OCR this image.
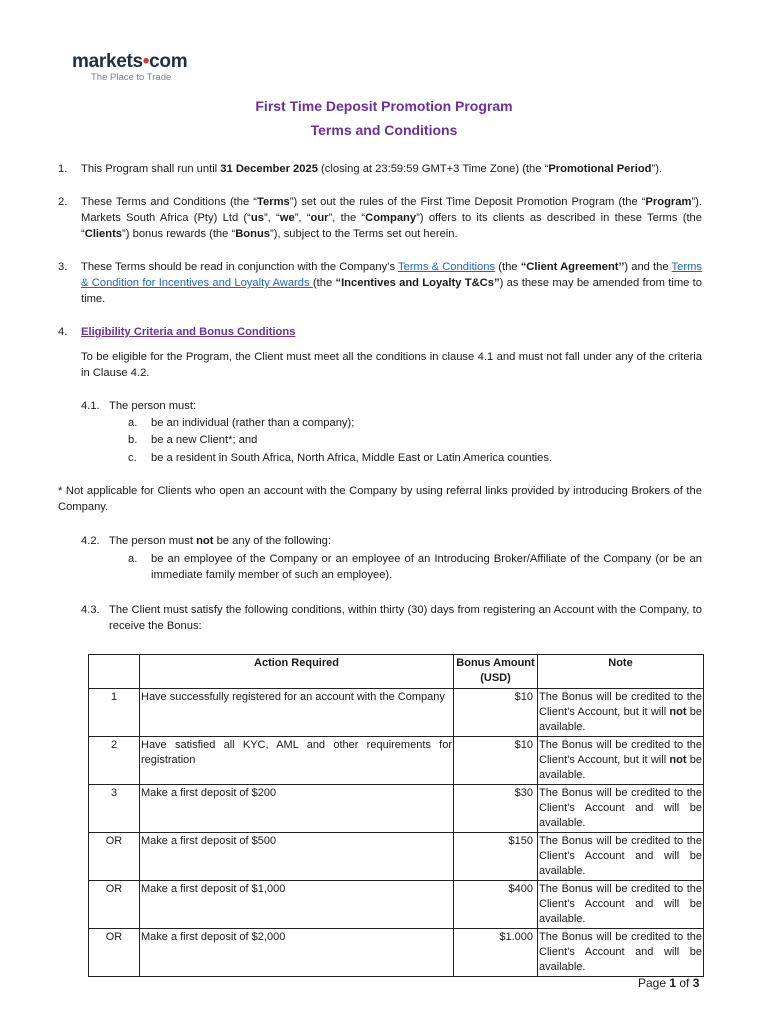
markets•com
The Place to Trade
First Time Deposit Promotion Program
Terms and Conditions
1. This Program shall run until 31 December 2025 (closing at 23:59:59 GMT+3 Time Zone) (the “Promotional Period”).
2. These Terms and Conditions (the “Terms”) set out the rules of the First Time Deposit Promotion Program (the “Program”). Markets South Africa (Pty) Ltd (“us”, “we”, “our”, the “Company”) offers to its clients as described in these Terms (the “Clients”) bonus rewards (the “Bonus”), subject to the Terms set out herein.
3. These Terms should be read in conjunction with the Company’s Terms & Conditions (the “Client Agreement’’) and the Terms & Condition for Incentives and Loyalty Awards (the “Incentives and Loyalty T&Cs”) as these may be amended from time to time.
4. Eligibility Criteria and Bonus Conditions
To be eligible for the Program, the Client must meet all the conditions in clause 4.1 and must not fall under any of the criteria in Clause 4.2.
4.1. The person must:
a. be an individual (rather than a company);
b. be a new Client*; and
c. be a resident in South Africa, North Africa, Middle East or Latin America counties.
* Not applicable for Clients who open an account with the Company by using referral links provided by introducing Brokers of the Company.
4.2. The person must not be any of the following:
a. be an employee of the Company or an employee of an Introducing Broker/Affiliate of the Company (or be an immediate family member of such an employee).
4.3. The Client must satisfy the following conditions, within thirty (30) days from registering an Account with the Company, to receive the Bonus:
	Action Required	Bonus Amount (USD)	Note
1	Have successfully registered for an account with the Company	$10	The Bonus will be credited to the Client’s Account, but it will not be available.
2	Have satisfied all KYC, AML and other requirements for registration	$10	The Bonus will be credited to the Client’s Account, but it will not be available.
3	Make a first deposit of $200	$30	The Bonus will be credited to the Client’s Account and will be available.
OR	Make a first deposit of $500	$150	The Bonus will be credited to the Client’s Account and will be available.
OR	Make a first deposit of $1,000	$400	The Bonus will be credited to the Client’s Account and will be available.
OR	Make a first deposit of $2,000	$1.000	The Bonus will be credited to the Client’s Account and will be available.
Page 1 of 3
